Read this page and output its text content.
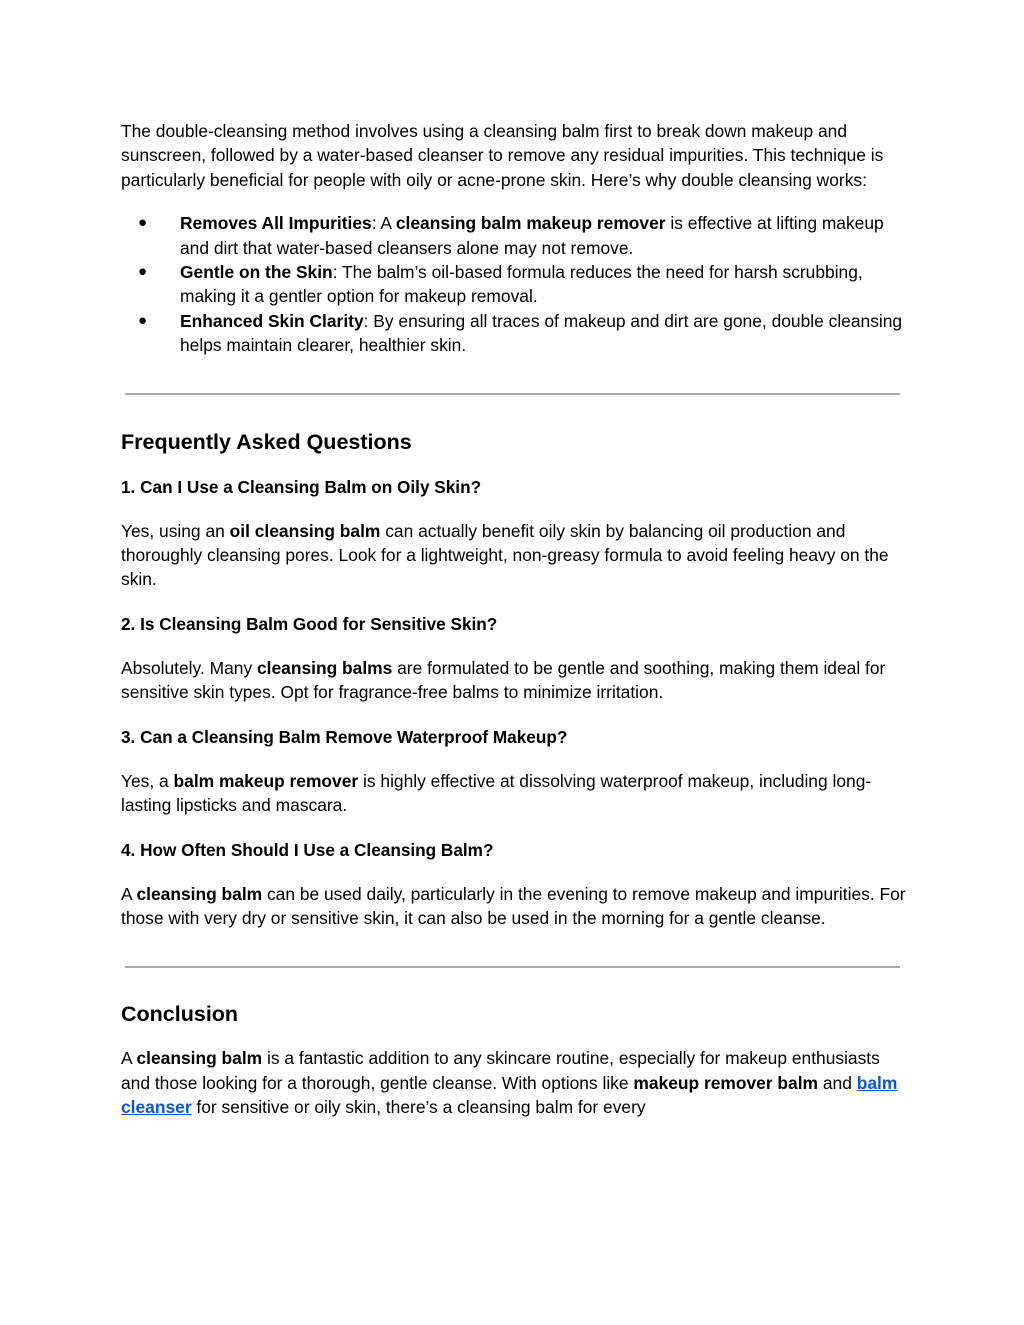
The double-cleansing method involves using a cleansing balm first to break down makeup and sunscreen, followed by a water-based cleanser to remove any residual impurities. This technique is particularly beneficial for people with oily or acne-prone skin. Here’s why double cleansing works:

● Removes All Impurities: A cleansing balm makeup remover is effective at lifting makeup and dirt that water-based cleansers alone may not remove.
● Gentle on the Skin: The balm’s oil-based formula reduces the need for harsh scrubbing, making it a gentler option for makeup removal.
● Enhanced Skin Clarity: By ensuring all traces of makeup and dirt are gone, double cleansing helps maintain clearer, healthier skin.
Frequently Asked Questions
1. Can I Use a Cleansing Balm on Oily Skin?

Yes, using an oil cleansing balm can actually benefit oily skin by balancing oil production and thoroughly cleansing pores. Look for a lightweight, non-greasy formula to avoid feeling heavy on the skin.

2. Is Cleansing Balm Good for Sensitive Skin?

Absolutely. Many cleansing balms are formulated to be gentle and soothing, making them ideal for sensitive skin types. Opt for fragrance-free balms to minimize irritation.

3. Can a Cleansing Balm Remove Waterproof Makeup?

Yes, a balm makeup remover is highly effective at dissolving waterproof makeup, including long-lasting lipsticks and mascara.

4. How Often Should I Use a Cleansing Balm?

A cleansing balm can be used daily, particularly in the evening to remove makeup and impurities. For those with very dry or sensitive skin, it can also be used in the morning for a gentle cleanse.

Conclusion

A cleansing balm is a fantastic addition to any skincare routine, especially for makeup enthusiasts and those looking for a thorough, gentle cleanse. With options like makeup remover balm and balm cleanser for sensitive or oily skin, there’s a cleansing balm for every
